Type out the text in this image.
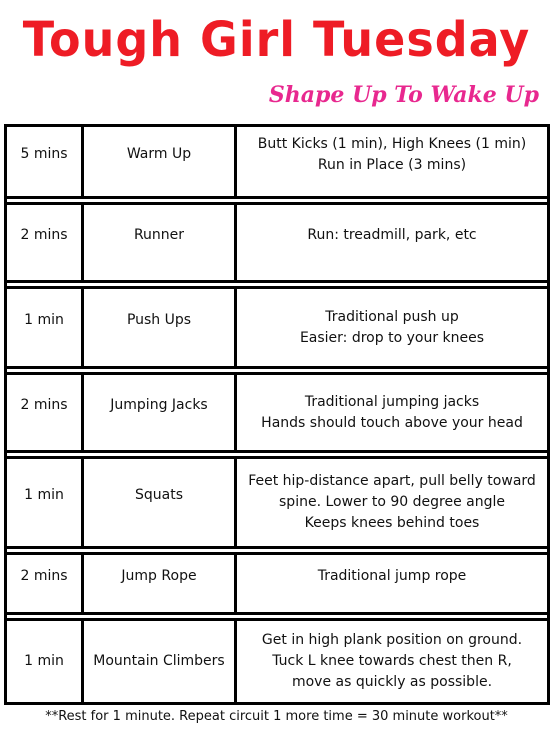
Tough Girl Tuesday
Shape Up To Wake Up
5 mins	Warm Up	Butt Kicks (1 min), High Knees (1 min)
Run in Place (3 mins)

2 mins	Runner	Run: treadmill, park, etc

1 min	Push Ups	Traditional push up
Easier: drop to your knees

2 mins	Jumping Jacks	Traditional jumping jacks
Hands should touch above your head

1 min	Squats	Feet hip-distance apart, pull belly toward
spine. Lower to 90 degree angle
Keeps knees behind toes

2 mins	Jump Rope	Traditional jump rope

1 min	Mountain Climbers	Get in high plank position on ground.
Tuck L knee towards chest then R,
move as quickly as possible.
**Rest for 1 minute. Repeat circuit 1 more time = 30 minute workout**
